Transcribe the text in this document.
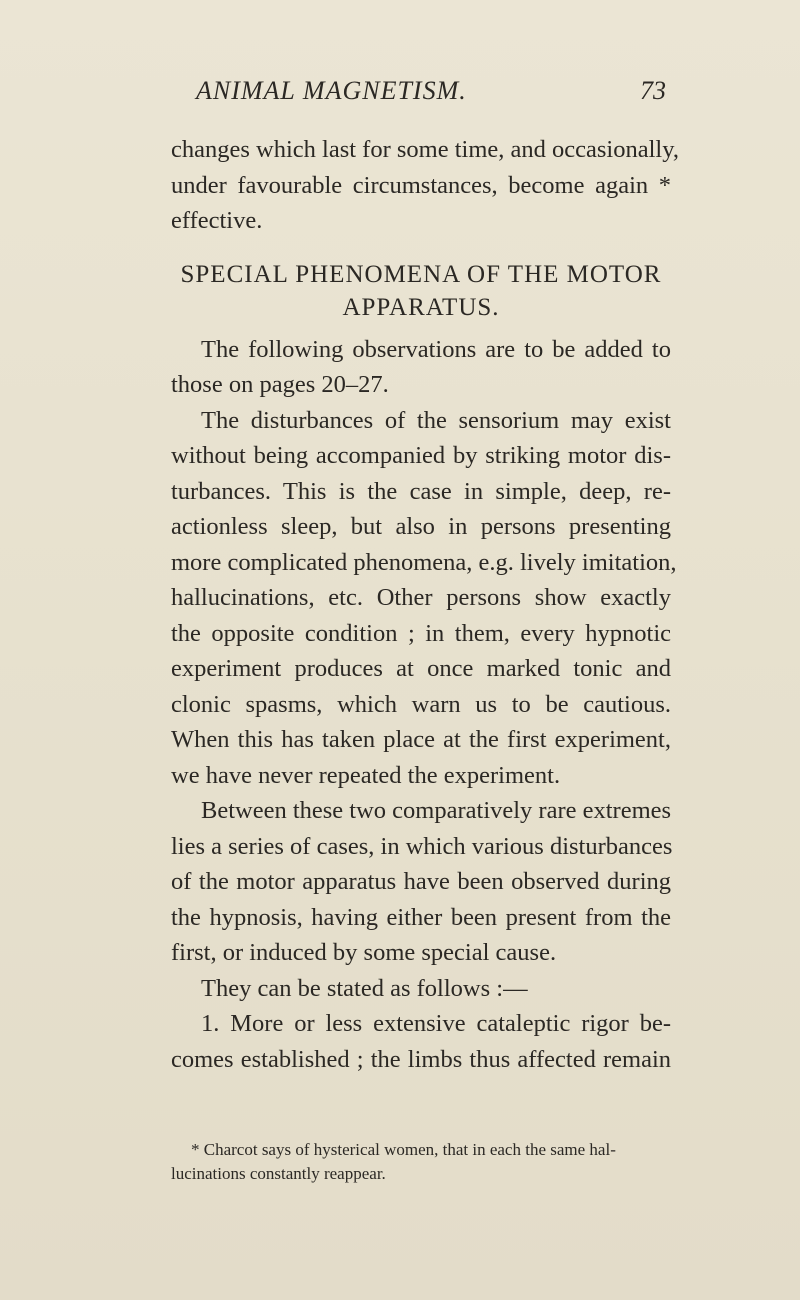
ANIMAL MAGNETISM.	73
changes which last for some time, and occasionally,
under favourable circumstances, become again *
effective.
SPECIAL PHENOMENA OF THE MOTOR
APPARATUS.
The following observations are to be added to
those on pages 20–27.
The disturbances of the sensorium may exist
without being accompanied by striking motor dis-
turbances. This is the case in simple, deep, re-
actionless sleep, but also in persons presenting
more complicated phenomena, e.g. lively imitation,
hallucinations, etc. Other persons show exactly
the opposite condition ; in them, every hypnotic
experiment produces at once marked tonic and
clonic spasms, which warn us to be cautious.
When this has taken place at the first experiment,
we have never repeated the experiment.
Between these two comparatively rare extremes
lies a series of cases, in which various disturbances
of the motor apparatus have been observed during
the hypnosis, having either been present from the
first, or induced by some special cause.
They can be stated as follows :—
1. More or less extensive cataleptic rigor be-
comes established ; the limbs thus affected remain
* Charcot says of hysterical women, that in each the same hal-
lucinations constantly reappear.
